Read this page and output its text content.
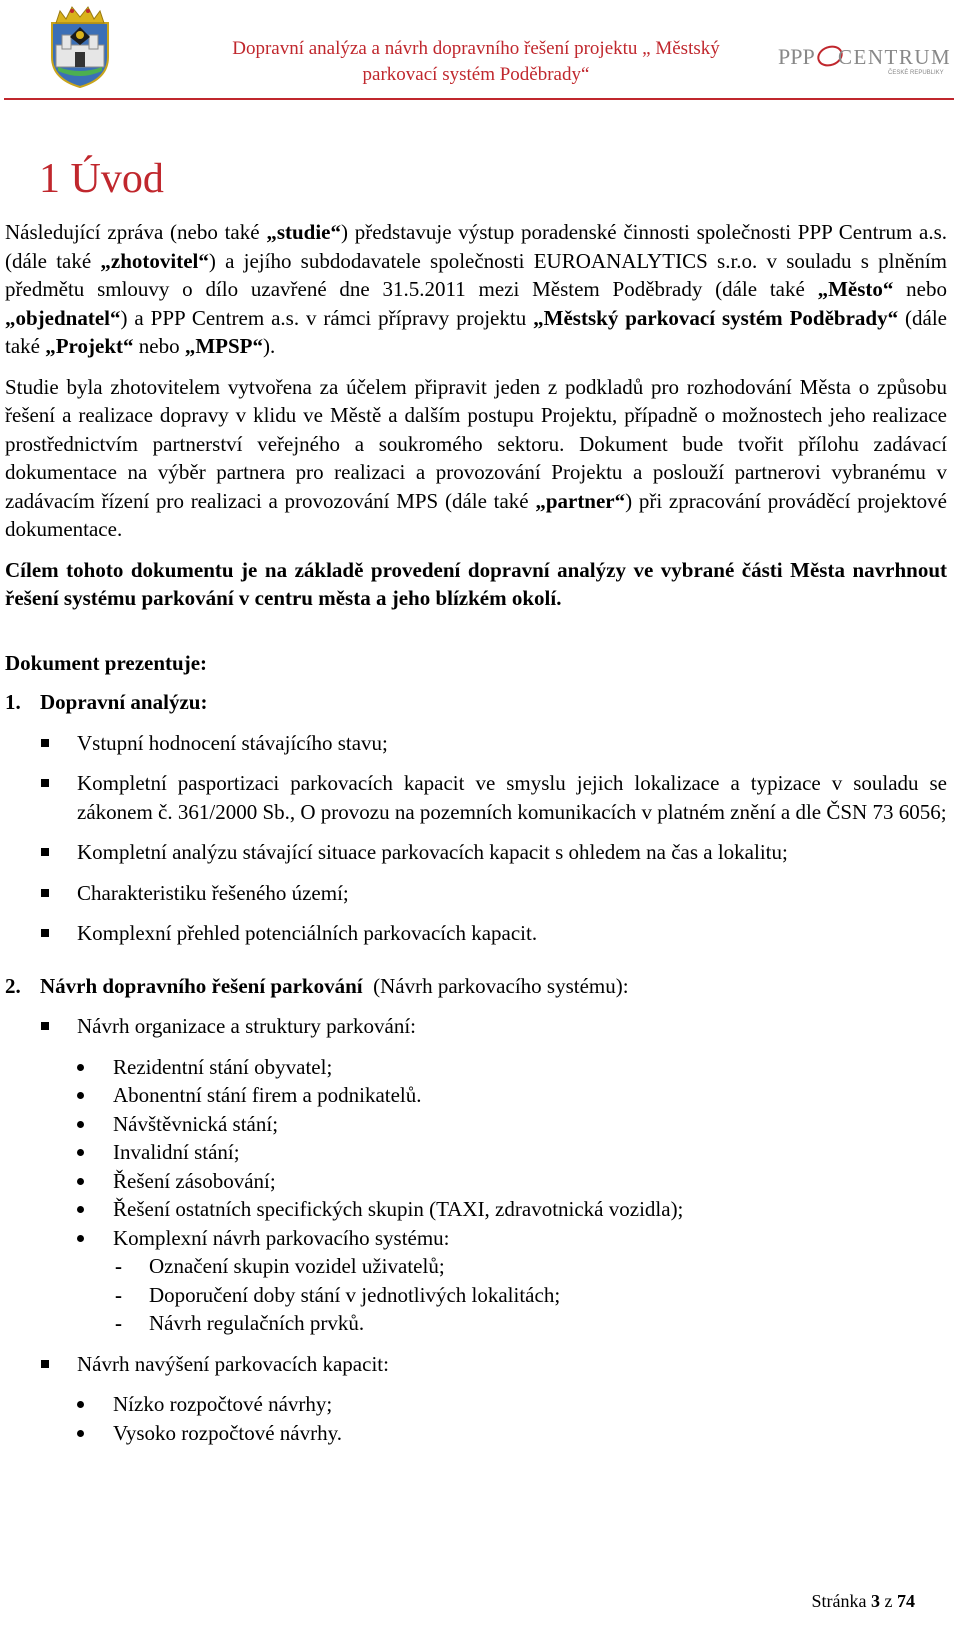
Dopravní analýza a návrh dopravního řešení projektu „ Městský
parkovací systém Poděbrady“
PPP CENTRUM
ČESKÉ REPUBLIKY
1 Úvod

Následující zpráva (nebo také „studie“) představuje výstup poradenské činnosti společnosti PPP Centrum a.s. (dále také „zhotovitel“) a jejího subdodavatele společnosti EUROANALYTICS s.r.o. v souladu s plněním předmětu smlouvy o dílo uzavřené dne 31.5.2011 mezi Městem Poděbrady (dále také „Město“ nebo „objednatel“) a PPP Centrem a.s. v rámci přípravy projektu „Městský parkovací systém Poděbrady“ (dále také „Projekt“ nebo „MPSP“).

Studie byla zhotovitelem vytvořena za účelem připravit jeden z podkladů pro rozhodování Města o způsobu řešení a realizace dopravy v klidu ve Městě a dalším postupu Projektu, případně o možnostech jeho realizace prostřednictvím partnerství veřejného a soukromého sektoru. Dokument bude tvořit přílohu zadávací dokumentace na výběr partnera pro realizaci a provozování Projektu a poslouží partnerovi vybranému v zadávacím řízení pro realizaci a provozování MPS (dále také „partner“) při zpracování prováděcí projektové dokumentace.

Cílem tohoto dokumentu je na základě provedení dopravní analýzy ve vybrané části Města navrhnout řešení systému parkování v centru města a jeho blízkém okolí.

Dokument prezentuje:

1. Dopravní analýzu:
Vstupní hodnocení stávajícího stavu;
Kompletní pasportizaci parkovacích kapacit ve smyslu jejich lokalizace a typizace v souladu se zákonem č. 361/2000 Sb., O provozu na pozemních komunikacích v platném znění a dle ČSN 73 6056;
Kompletní analýzu stávající situace parkovacích kapacit s ohledem na čas a lokalitu;
Charakteristiku řešeného území;
Komplexní přehled potenciálních parkovacích kapacit.
2. Návrh dopravního řešení parkování  (Návrh parkovacího systému):
Návrh organizace a struktury parkování:
Rezidentní stání obyvatel;
Abonentní stání firem a podnikatelů.
Návštěvnická stání;
Invalidní stání;
Řešení zásobování;
Řešení ostatních specifických skupin (TAXI, zdravotnická vozidla);
Komplexní návrh parkovacího systému:
- Označení skupin vozidel uživatelů;
- Doporučení doby stání v jednotlivých lokalitách;
- Návrh regulačních prvků.
Návrh navýšení parkovacích kapacit:
Nízko rozpočtové návrhy;
Vysoko rozpočtové návrhy.
Stránka 3 z 74
